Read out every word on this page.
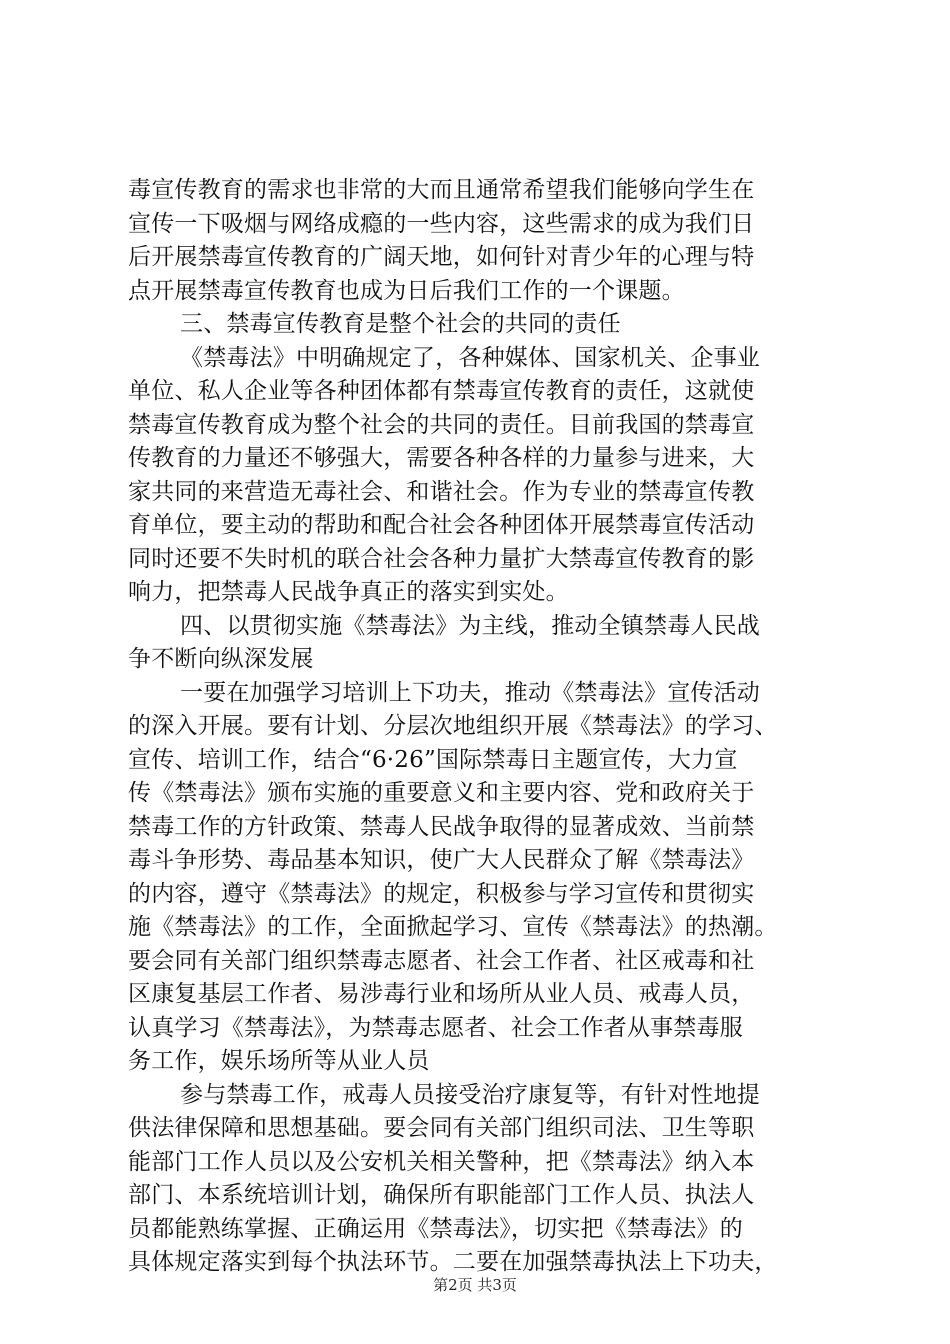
毒宣传教育的需求也非常的大而且通常希望我们能够向学生在
宣传一下吸烟与网络成瘾的一些内容，这些需求的成为我们日
后开展禁毒宣传教育的广阔天地，如何针对青少年的心理与特
点开展禁毒宣传教育也成为日后我们工作的一个课题。
三、禁毒宣传教育是整个社会的共同的责任
《禁毒法》中明确规定了，各种媒体、国家机关、企事业
单位、私人企业等各种团体都有禁毒宣传教育的责任，这就使
禁毒宣传教育成为整个社会的共同的责任。目前我国的禁毒宣
传教育的力量还不够强大，需要各种各样的力量参与进来，大
家共同的来营造无毒社会、和谐社会。作为专业的禁毒宣传教
育单位，要主动的帮助和配合社会各种团体开展禁毒宣传活动
同时还要不失时机的联合社会各种力量扩大禁毒宣传教育的影
响力，把禁毒人民战争真正的落实到实处。
四、以贯彻实施《禁毒法》为主线，推动全镇禁毒人民战
争不断向纵深发展
一要在加强学习培训上下功夫，推动《禁毒法》宣传活动
的深入开展。要有计划、分层次地组织开展《禁毒法》的学习、
宣传、培训工作，结合“6·26”国际禁毒日主题宣传，大力宣
传《禁毒法》颁布实施的重要意义和主要内容、党和政府关于
禁毒工作的方针政策、禁毒人民战争取得的显著成效、当前禁
毒斗争形势、毒品基本知识，使广大人民群众了解《禁毒法》
的内容，遵守《禁毒法》的规定，积极参与学习宣传和贯彻实
施《禁毒法》的工作，全面掀起学习、宣传《禁毒法》的热潮。
要会同有关部门组织禁毒志愿者、社会工作者、社区戒毒和社
区康复基层工作者、易涉毒行业和场所从业人员、戒毒人员，
认真学习《禁毒法》，为禁毒志愿者、社会工作者从事禁毒服
务工作，娱乐场所等从业人员
参与禁毒工作，戒毒人员接受治疗康复等，有针对性地提
供法律保障和思想基础。要会同有关部门组织司法、卫生等职
能部门工作人员以及公安机关相关警种，把《禁毒法》纳入本
部门、本系统培训计划，确保所有职能部门工作人员、执法人
员都能熟练掌握、正确运用《禁毒法》，切实把《禁毒法》的
具体规定落实到每个执法环节。二要在加强禁毒执法上下功夫，
第2页 共3页
